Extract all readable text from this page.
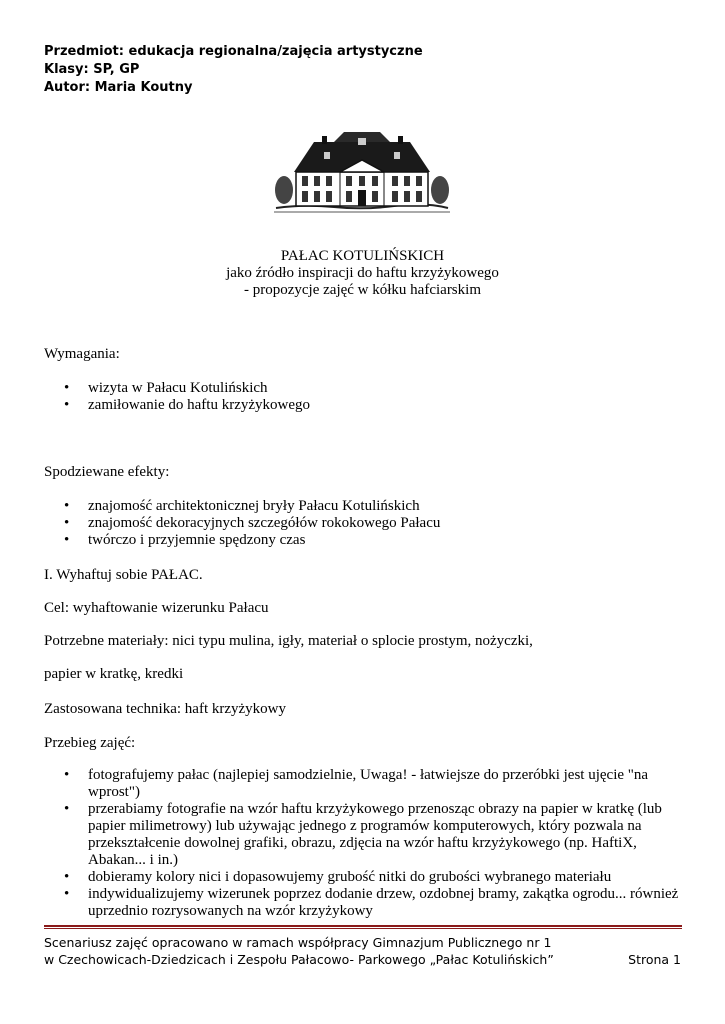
Przedmiot: edukacja regionalna/zajęcia artystyczne
Klasy: SP, GP
Autor: Maria Koutny
PAŁAC KOTULIŃSKICH
jako źródło inspiracji do haftu krzyżykowego
- propozycje zajęć w kółku hafciarskim
Wymagania:
• wizyta w Pałacu Kotulińskich
• zamiłowanie do haftu krzyżykowego
Spodziewane efekty:
• znajomość architektonicznej bryły Pałacu Kotulińskich
• znajomość dekoracyjnych szczegółów rokokowego Pałacu
• twórczo i przyjemnie spędzony czas
I. Wyhaftuj sobie PAŁAC.
Cel: wyhaftowanie wizerunku Pałacu
Potrzebne materiały: nici typu mulina, igły, materiał o splocie prostym, nożyczki,
papier w kratkę, kredki
Zastosowana technika: haft krzyżykowy
Przebieg zajęć:
• fotografujemy pałac (najlepiej samodzielnie, Uwaga! - łatwiejsze do przeróbki jest ujęcie "na wprost")
• przerabiamy fotografie na wzór haftu krzyżykowego przenosząc obrazy na papier w kratkę (lub papier milimetrowy) lub używając jednego z programów komputerowych, który pozwala na przekształcenie dowolnej grafiki, obrazu, zdjęcia na wzór haftu krzyżykowego (np. HaftiX, Abakan... i in.)
• dobieramy kolory nici i dopasowujemy grubość nitki do grubości wybranego materiału
• indywidualizujemy wizerunek poprzez dodanie drzew, ozdobnej bramy, zakątka ogrodu... również uprzednio rozrysowanych na wzór krzyżykowy
Scenariusz zajęć opracowano w ramach współpracy Gimnazjum Publicznego nr 1
w Czechowicach-Dziedzicach i Zespołu Pałacowo- Parkowego „Pałac Kotulińskich”	Strona 1
